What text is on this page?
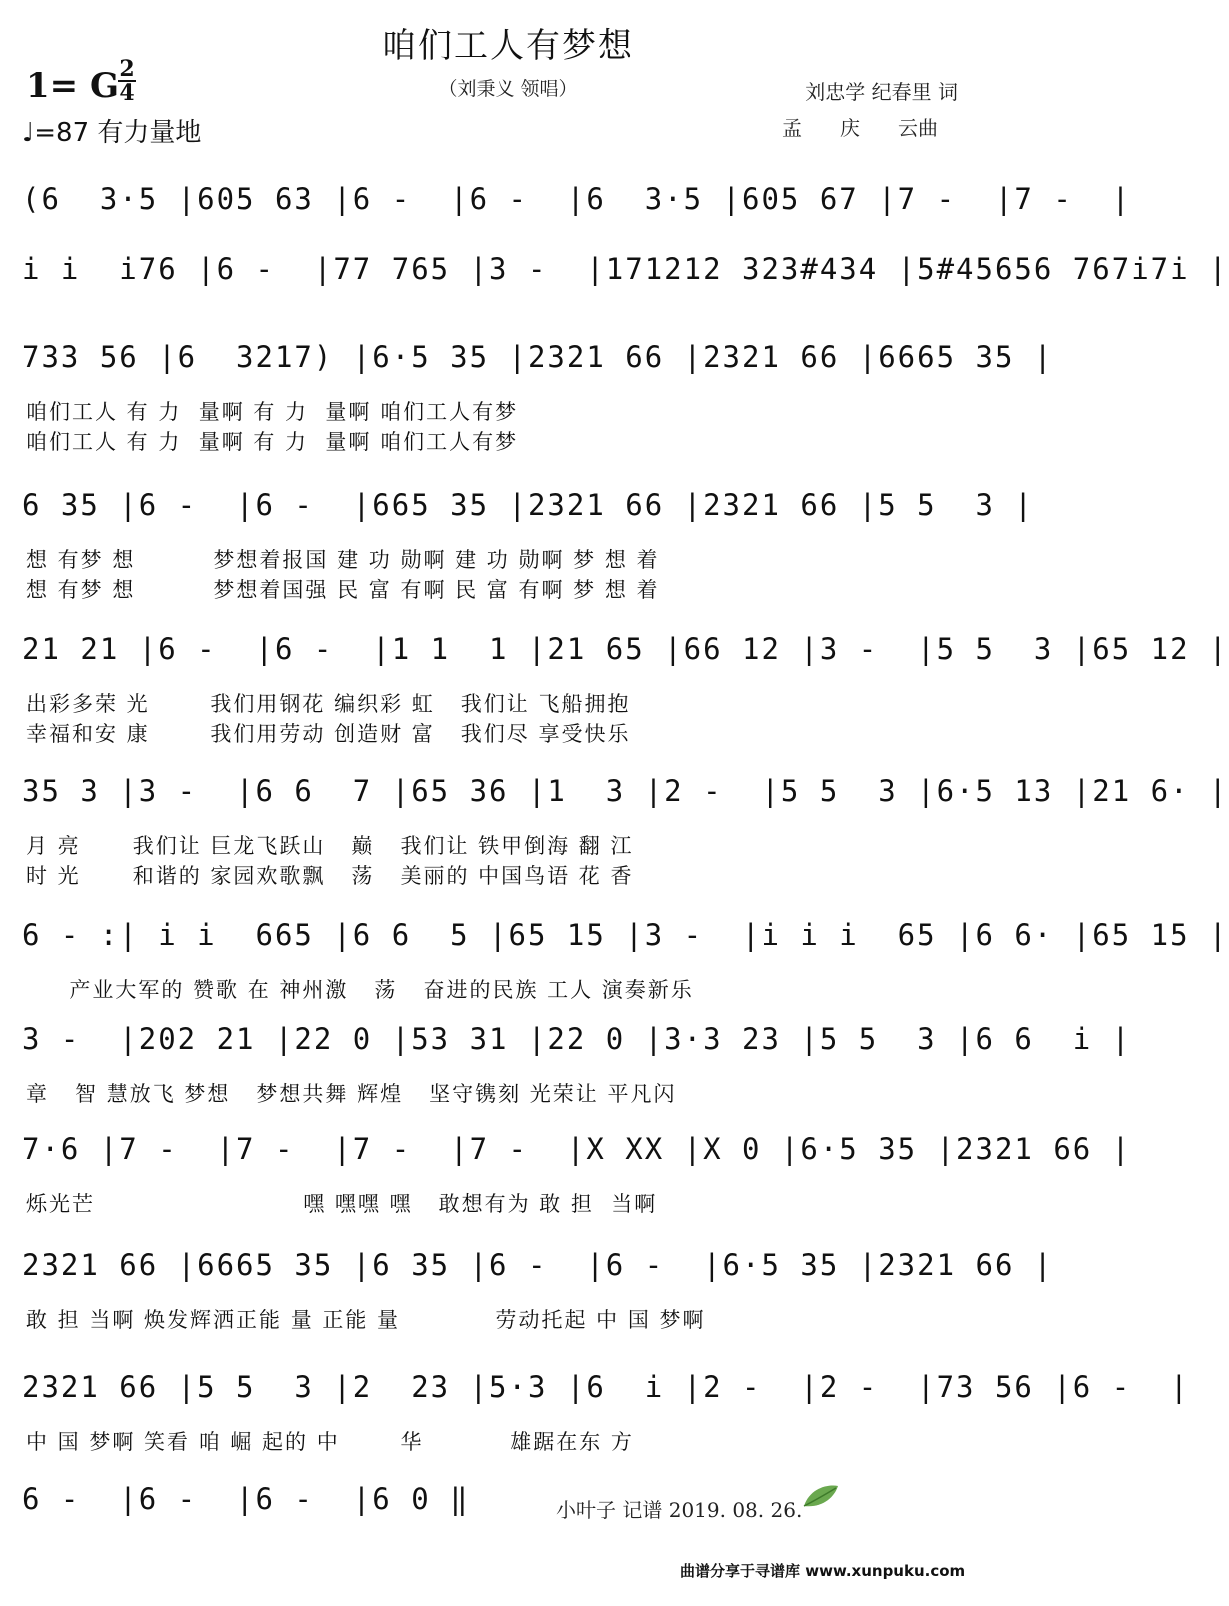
咱们工人有梦想
（刘秉义 领唱）
1= G 2
4
♩=87 有力量地
刘忠学 纪春里 词
孟 庆 云曲
(6  3·5 |605 63 |6 -  |6 -  |6  3·5 |605 67 |7 -  |7 -  |
i i  i76 |6 -  |77 765 |3 -  |171212 323#434 |5#45656 767i7i |
733 56 |6  3217) |6·5 35 |2321 66 |2321 66 |6665 35 |
咱们工人 有 力  量啊 有 力  量啊 咱们工人有梦
咱们工人 有 力  量啊 有 力  量啊 咱们工人有梦
6 35 |6 -  |6 -  |665 35 |2321 66 |2321 66 |5 5  3 |
想 有梦 想         梦想着报国 建 功 勋啊 建 功 勋啊 梦 想 着
想 有梦 想         梦想着国强 民 富 有啊 民 富 有啊 梦 想 着
21 21 |6 -  |6 -  |1 1  1 |21 65 |66 12 |3 -  |5 5  3 |65 12 |
出彩多荣 光       我们用钢花 编织彩 虹   我们让 飞船拥抱
幸福和安 康       我们用劳动 创造财 富   我们尽 享受快乐
35 3 |3 -  |6 6  7 |65 36 |1  3 |2 -  |5 5  3 |6·5 13 |21 6· |
月 亮      我们让 巨龙飞跃山   巅   我们让 铁甲倒海 翻 江
时 光      和谐的 家园欢歌飘   荡   美丽的 中国鸟语 花 香
6 - :| i i  665 |6 6  5 |65 15 |3 -  |i i i  65 |6 6· |65 15 |
产业大军的 赞歌 在 神州激   荡   奋进的民族 工人 演奏新乐
3 -  |202 21 |22 0 |53 31 |22 0 |3·3 23 |5 5  3 |6 6  i |
章   智 慧放飞 梦想   梦想共舞 辉煌   坚守镌刻 光荣让 平凡闪
7·6 |7 -  |7 -  |7 -  |7 -  |X XX |X 0 |6·5 35 |2321 66 |
烁光芒                        嘿 嘿嘿 嘿   敢想有为 敢 担  当啊
2321 66 |6665 35 |6 35 |6 -  |6 -  |6·5 35 |2321 66 |
敢 担 当啊 焕发辉洒正能 量 正能 量           劳动托起 中 国 梦啊
2321 66 |5 5  3 |2  23 |5·3 |6  i |2 -  |2 -  |73 56 |6 -  |
中 国 梦啊 笑看 咱 崛 起的 中       华          雄踞在东 方
6 -  |6 -  |6 -  |6 0 ‖	小叶子 记谱 2019. 08. 26.
曲谱分享于寻谱库 www.xunpuku.com
